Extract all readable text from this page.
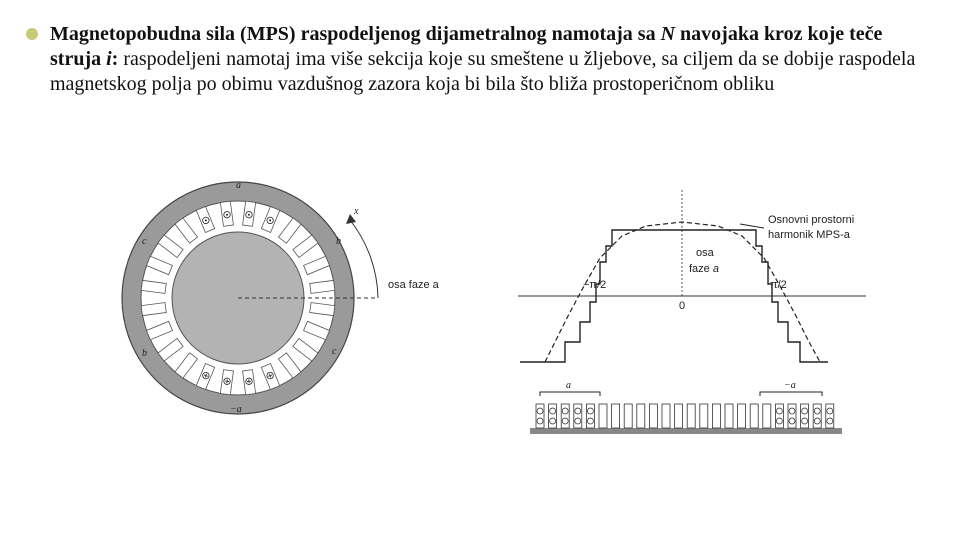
Magnetopobudna sila (MPS) raspodeljenog dijametralnog namotaja sa N navojaka kroz koje teče struja i: raspodeljeni namotaj ima više sekcija koje su smeštene u žljebove, sa ciljem da se dobije raspodela magnetskog polja po obimu vazdušnog zazora koja bi bila što bliža prostoperičnom obliku
a
c	b
b	c
−a
x
osa faze a
Osnovni prostorni
harmonik MPS-a
osa
faze a
0
−π/2	π/2
a	−a
